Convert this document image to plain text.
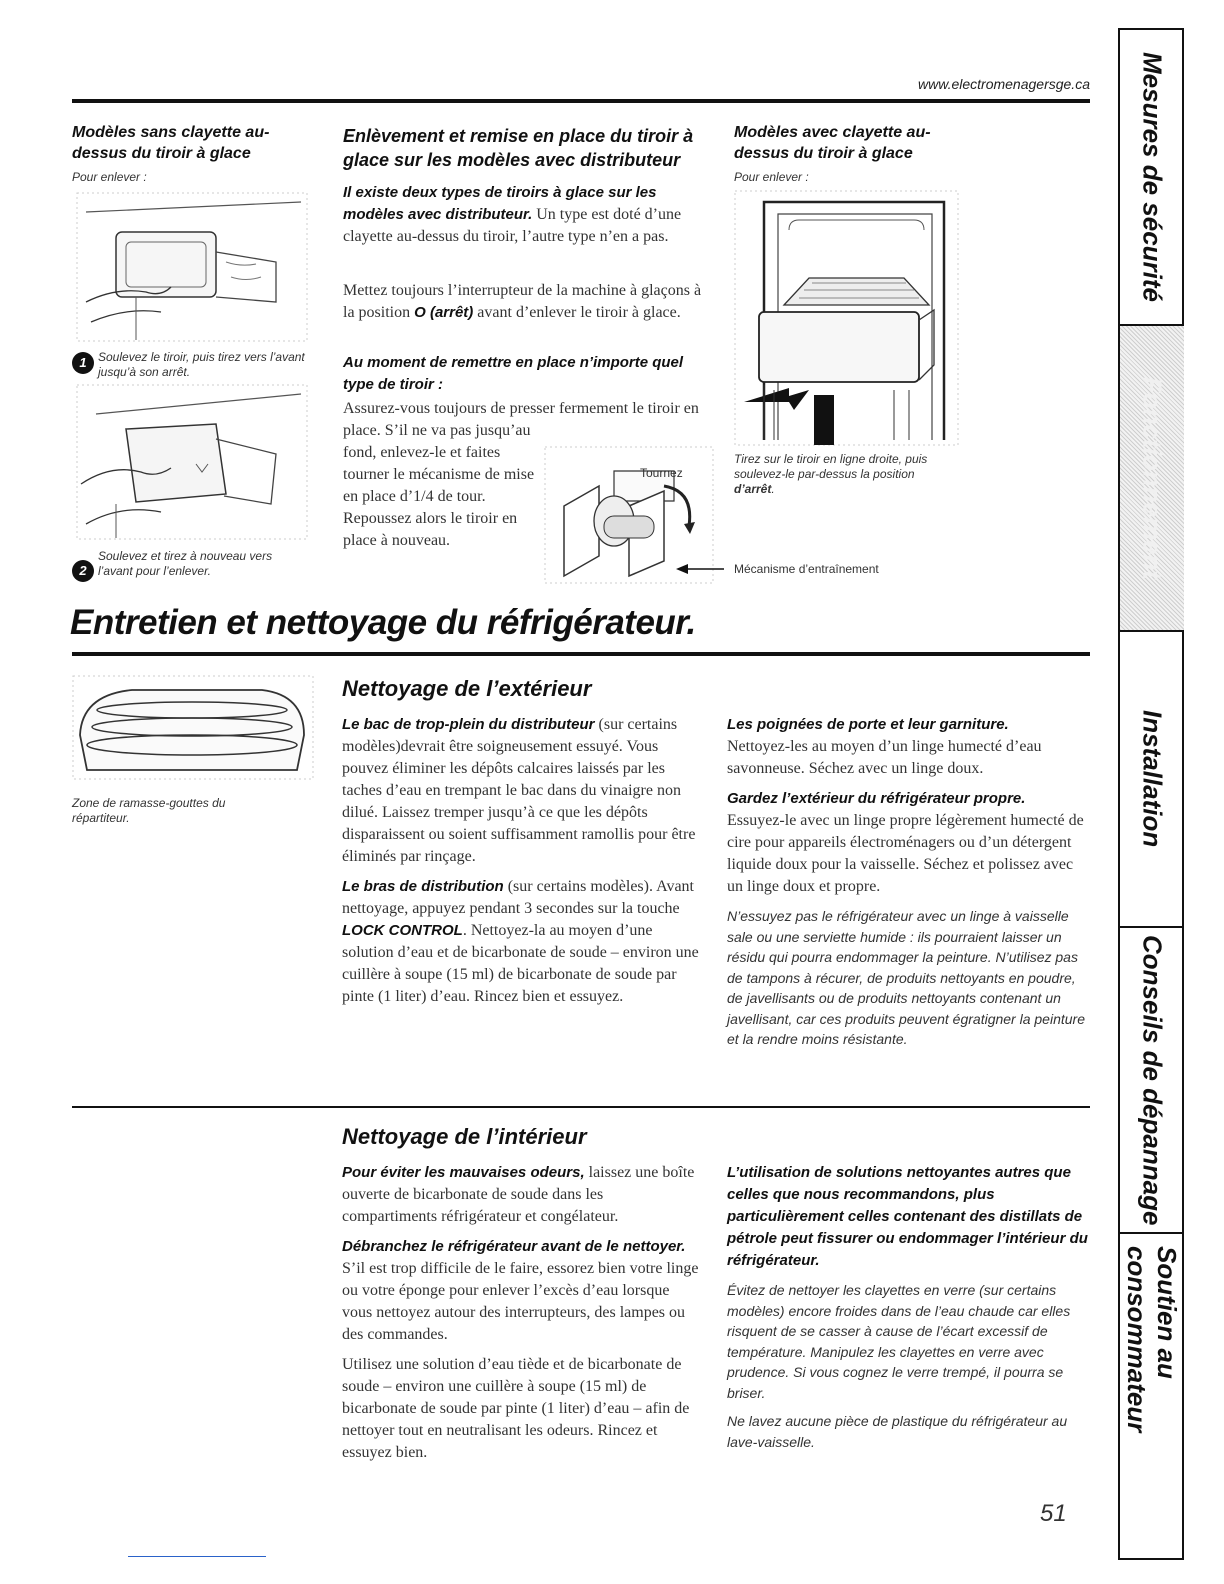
www.electromenagersge.ca
Modèles sans clayette au-dessus du tiroir à glace
Pour enlever :
1 Soulevez le tiroir, puis tirez vers l’avant jusqu’à son arrêt.
2
Soulevez et tirez à nouveau vers l’avant pour l’enlever.
Enlèvement et remise en place du tiroir à glace sur les modèles avec distributeur
Il existe deux types de tiroirs à glace sur les modèles avec distributeur. Un type est doté d’une clayette au-dessus du tiroir, l’autre type n’en a pas.
Mettez toujours l’interrupteur de la machine à glaçons à la position O (arrêt) avant d’enlever le tiroir à glace.
Au moment de remettre en place n’importe quel type de tiroir :
Assurez-vous toujours de presser fermement le tiroir en place. S’il ne va pas jusqu’au
fond, enlevez-le et faites tourner le mécanisme de mise en place d’1/4 de tour. Repoussez alors le tiroir en place à nouveau.
Tournez
Mécanisme d’entraînement
Modèles avec clayette au-dessus du tiroir à glace
Pour enlever :
Tirez sur le tiroir en ligne droite, puis soulevez-le par-dessus la position d’arrêt.
Entretien et nettoyage du réfrigérateur.
Zone de ramasse-gouttes du répartiteur.
Nettoyage de l’extérieur

Le bac de trop-plein du distributeur (sur certains modèles)devrait être soigneusement essuyé. Vous pouvez éliminer les dépôts calcaires laissés par les taches d’eau en trempant le bac dans du vinaigre non dilué. Laissez tremper jusqu’à ce que les dépôts disparaissent ou soient suffisamment ramollis pour être éliminés par rinçage.

Le bras de distribution (sur certains modèles). Avant nettoyage, appuyez pendant 3 secondes sur la touche LOCK CONTROL. Nettoyez-la au moyen d’une solution d’eau et de bicarbonate de soude – environ une cuillère à soupe (15 ml) de bicarbonate de soude par pinte (1 liter) d’eau. Rincez bien et essuyez.

Les poignées de porte et leur garniture.

Nettoyez-les au moyen d’un linge humecté d’eau savonneuse. Séchez avec un linge doux.

Gardez l’extérieur du réfrigérateur propre.

Essuyez-le avec un linge propre légèrement humecté de cire pour appareils électroménagers ou d’un détergent liquide doux pour la vaisselle. Séchez et polissez avec un linge doux et propre.

N’essuyez pas le réfrigérateur avec un linge à vaisselle sale ou une serviette humide : ils pourraient laisser un résidu qui pourra endommager la peinture. N’utilisez pas de tampons à récurer, de produits nettoyants en poudre, de javellisants ou de produits nettoyants contenant un javellisant, car ces produits peuvent égratigner la peinture et la rendre moins résistante.

Nettoyage de l’intérieur

Pour éviter les mauvaises odeurs, laissez une boîte ouverte de bicarbonate de soude dans les compartiments réfrigérateur et congélateur.

Débranchez le réfrigérateur avant de le nettoyer. S’il est trop difficile de le faire, essorez bien votre linge ou votre éponge pour enlever l’excès d’eau lorsque vous nettoyez autour des interrupteurs, des lampes ou des commandes.

Utilisez une solution d’eau tiède et de bicarbonate de soude – environ une cuillère à soupe (15 ml) de bicarbonate de soude par pinte (1 liter) d’eau – afin de nettoyer tout en neutralisant les odeurs. Rincez et essuyez bien.

L’utilisation de solutions nettoyantes autres que celles que nous recommandons, plus particulièrement celles contenant des distillats de pétrole peut fissurer ou endommager l’intérieur du réfrigérateur.

Évitez de nettoyer les clayettes en verre (sur certains modèles) encore froides dans de l’eau chaude car elles risquent de se casser à cause de l’écart excessif de température. Manipulez les clayettes en verre avec prudence. Si vous cognez le verre trempé, il pourra se briser.

Ne lavez aucune pièce de plastique du réfrigérateur au lave-vaisselle.

51
Mesures de sécurité
Fonctionnement
Installation
Conseils de dépannage
Soutien au consommateur
